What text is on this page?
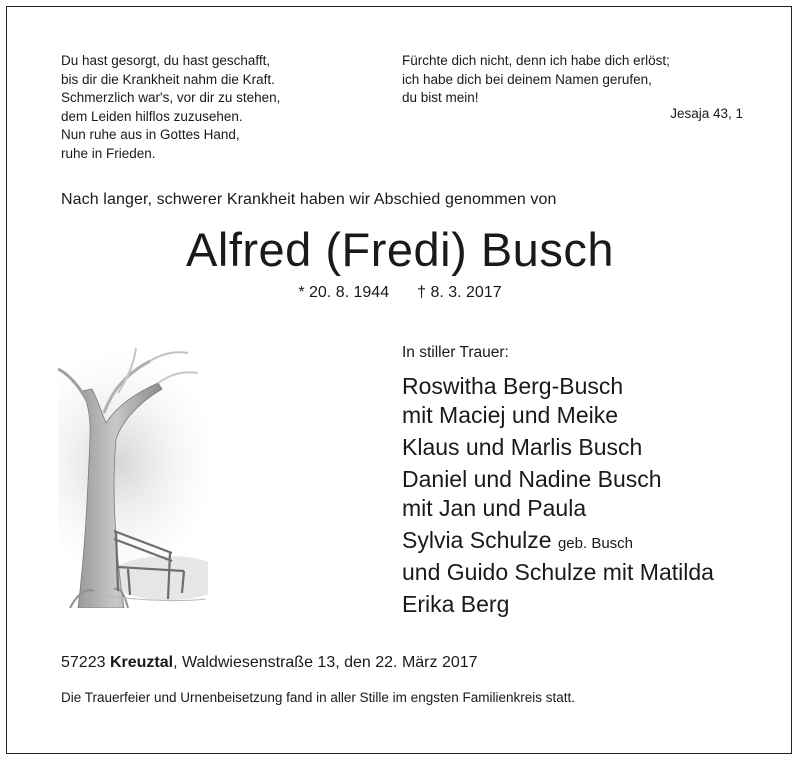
Du hast gesorgt, du hast geschafft,
bis dir die Krankheit nahm die Kraft.
Schmerzlich war's, vor dir zu stehen,
dem Leiden hilflos zuzusehen.
Nun ruhe aus in Gottes Hand,
ruhe in Frieden.
Fürchte dich nicht, denn ich habe dich erlöst;
ich habe dich bei deinem Namen gerufen,
du bist mein!
Jesaja 43, 1
Nach langer, schwerer Krankheit haben wir Abschied genommen von
Alfred (Fredi) Busch
* 20. 8. 1944 † 8. 3. 2017
In stiller Trauer:
Roswitha Berg-Busch
mit Maciej und Meike
Klaus und Marlis Busch
Daniel und Nadine Busch
mit Jan und Paula
Sylvia Schulze geb. Busch
und Guido Schulze mit Matilda
Erika Berg
57223 Kreuztal, Waldwiesenstraße 13, den 22. März 2017
Die Trauerfeier und Urnenbeisetzung fand in aller Stille im engsten Familienkreis statt.
